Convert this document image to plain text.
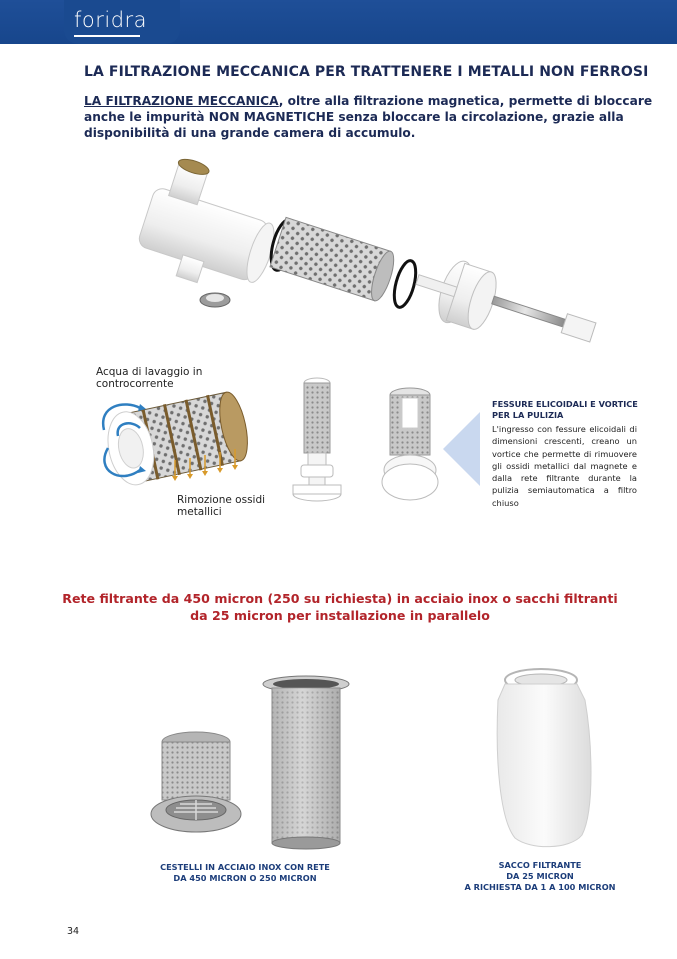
foridra
LA FILTRAZIONE MECCANICA PER TRATTENERE I METALLI NON FERROSI
LA FILTRAZIONE MECCANICA, oltre alla filtrazione magnetica, permette di bloccare anche le impurità NON MAGNETICHE senza bloccare la circolazione, grazie alla disponibilità di una grande camera di accumulo.
Acqua di lavaggio in controcorrente
Rimozione ossidi metallici
FESSURE ELICOIDALI E VORTICE PER LA PULIZIA
L'ingresso con fessure elicoidali di dimensioni crescenti, creano un vortice che permette di rimuovere gli ossidi metallici dal magnete e dalla rete filtrante durante la pulizia semiautomatica a filtro chiuso
Rete filtrante da 450 micron (250 su richiesta) in acciaio inox o sacchi filtranti
da 25 micron per installazione in parallelo
CESTELLI IN ACCIAIO INOX CON RETE
DA 450 MICRON O 250 MICRON
SACCO FILTRANTE
DA 25 MICRON
A RICHIESTA DA 1 A 100 MICRON
34
